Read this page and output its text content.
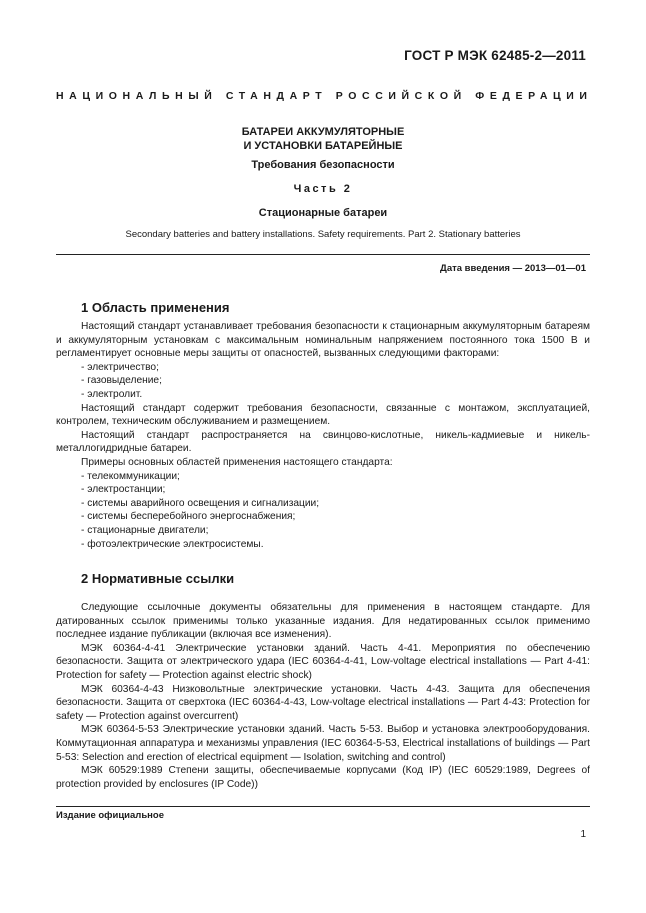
ГОСТ Р МЭК 62485-2—2011
НАЦИОНАЛЬНЫЙ СТАНДАРТ РОССИЙСКОЙ ФЕДЕРАЦИИ
БАТАРЕИ АККУМУЛЯТОРНЫЕ
И УСТАНОВКИ БАТАРЕЙНЫЕ
Требования безопасности
Часть 2
Стационарные батареи
Secondary batteries and battery installations. Safety requirements. Part 2. Stationary batteries
Дата введения — 2013—01—01
1 Область применения

Настоящий стандарт устанавливает требования безопасности к стационарным аккумуляторным батареям и аккумуляторным установкам с максимальным номинальным напряжением постоянного тока 1500 В и регламентирует основные меры защиты от опасностей, вызванных следующими факторами:

- электричество;

- газовыделение;

- электролит.

Настоящий стандарт содержит требования безопасности, связанные с монтажом, эксплуатацией, контролем, техническим обслуживанием и размещением.

Настоящий стандарт распространяется на свинцово-кислотные, никель-кадмиевые и никель-металлогидридные батареи.

Примеры основных областей применения настоящего стандарта:

- телекоммуникации;

- электростанции;

- системы аварийного освещения и сигнализации;

- системы бесперебойного энергоснабжения;

- стационарные двигатели;

- фотоэлектрические электросистемы.

2 Нормативные ссылки

Следующие ссылочные документы обязательны для применения в настоящем стандарте. Для датированных ссылок применимы только указанные издания. Для недатированных ссылок применимо последнее издание публикации (включая все изменения).

МЭК 60364-4-41 Электрические установки зданий. Часть 4-41. Мероприятия по обеспечению безопасности. Защита от электрического удара (IEC 60364-4-41, Low-voltage electrical installations — Part 4-41: Protection for safety — Protection against electric shock)

МЭК 60364-4-43 Низковольтные электрические установки. Часть 4-43. Защита для обеспечения безопасности. Защита от сверхтока (IEC 60364-4-43, Low-voltage electrical installations — Part 4-43: Protection for safety — Protection against overcurrent)

МЭК 60364-5-53 Электрические установки зданий. Часть 5-53. Выбор и установка электрооборудования. Коммутационная аппаратура и механизмы управления (IEC 60364-5-53, Electrical installations of buildings — Part 5-53: Selection and erection of electrical equipment — Isolation, switching and control)

МЭК 60529:1989 Степени защиты, обеспечиваемые корпусами (Код IP) (IEC 60529:1989, Degrees of protection provided by enclosures (IP Code))

Издание официальное
1
